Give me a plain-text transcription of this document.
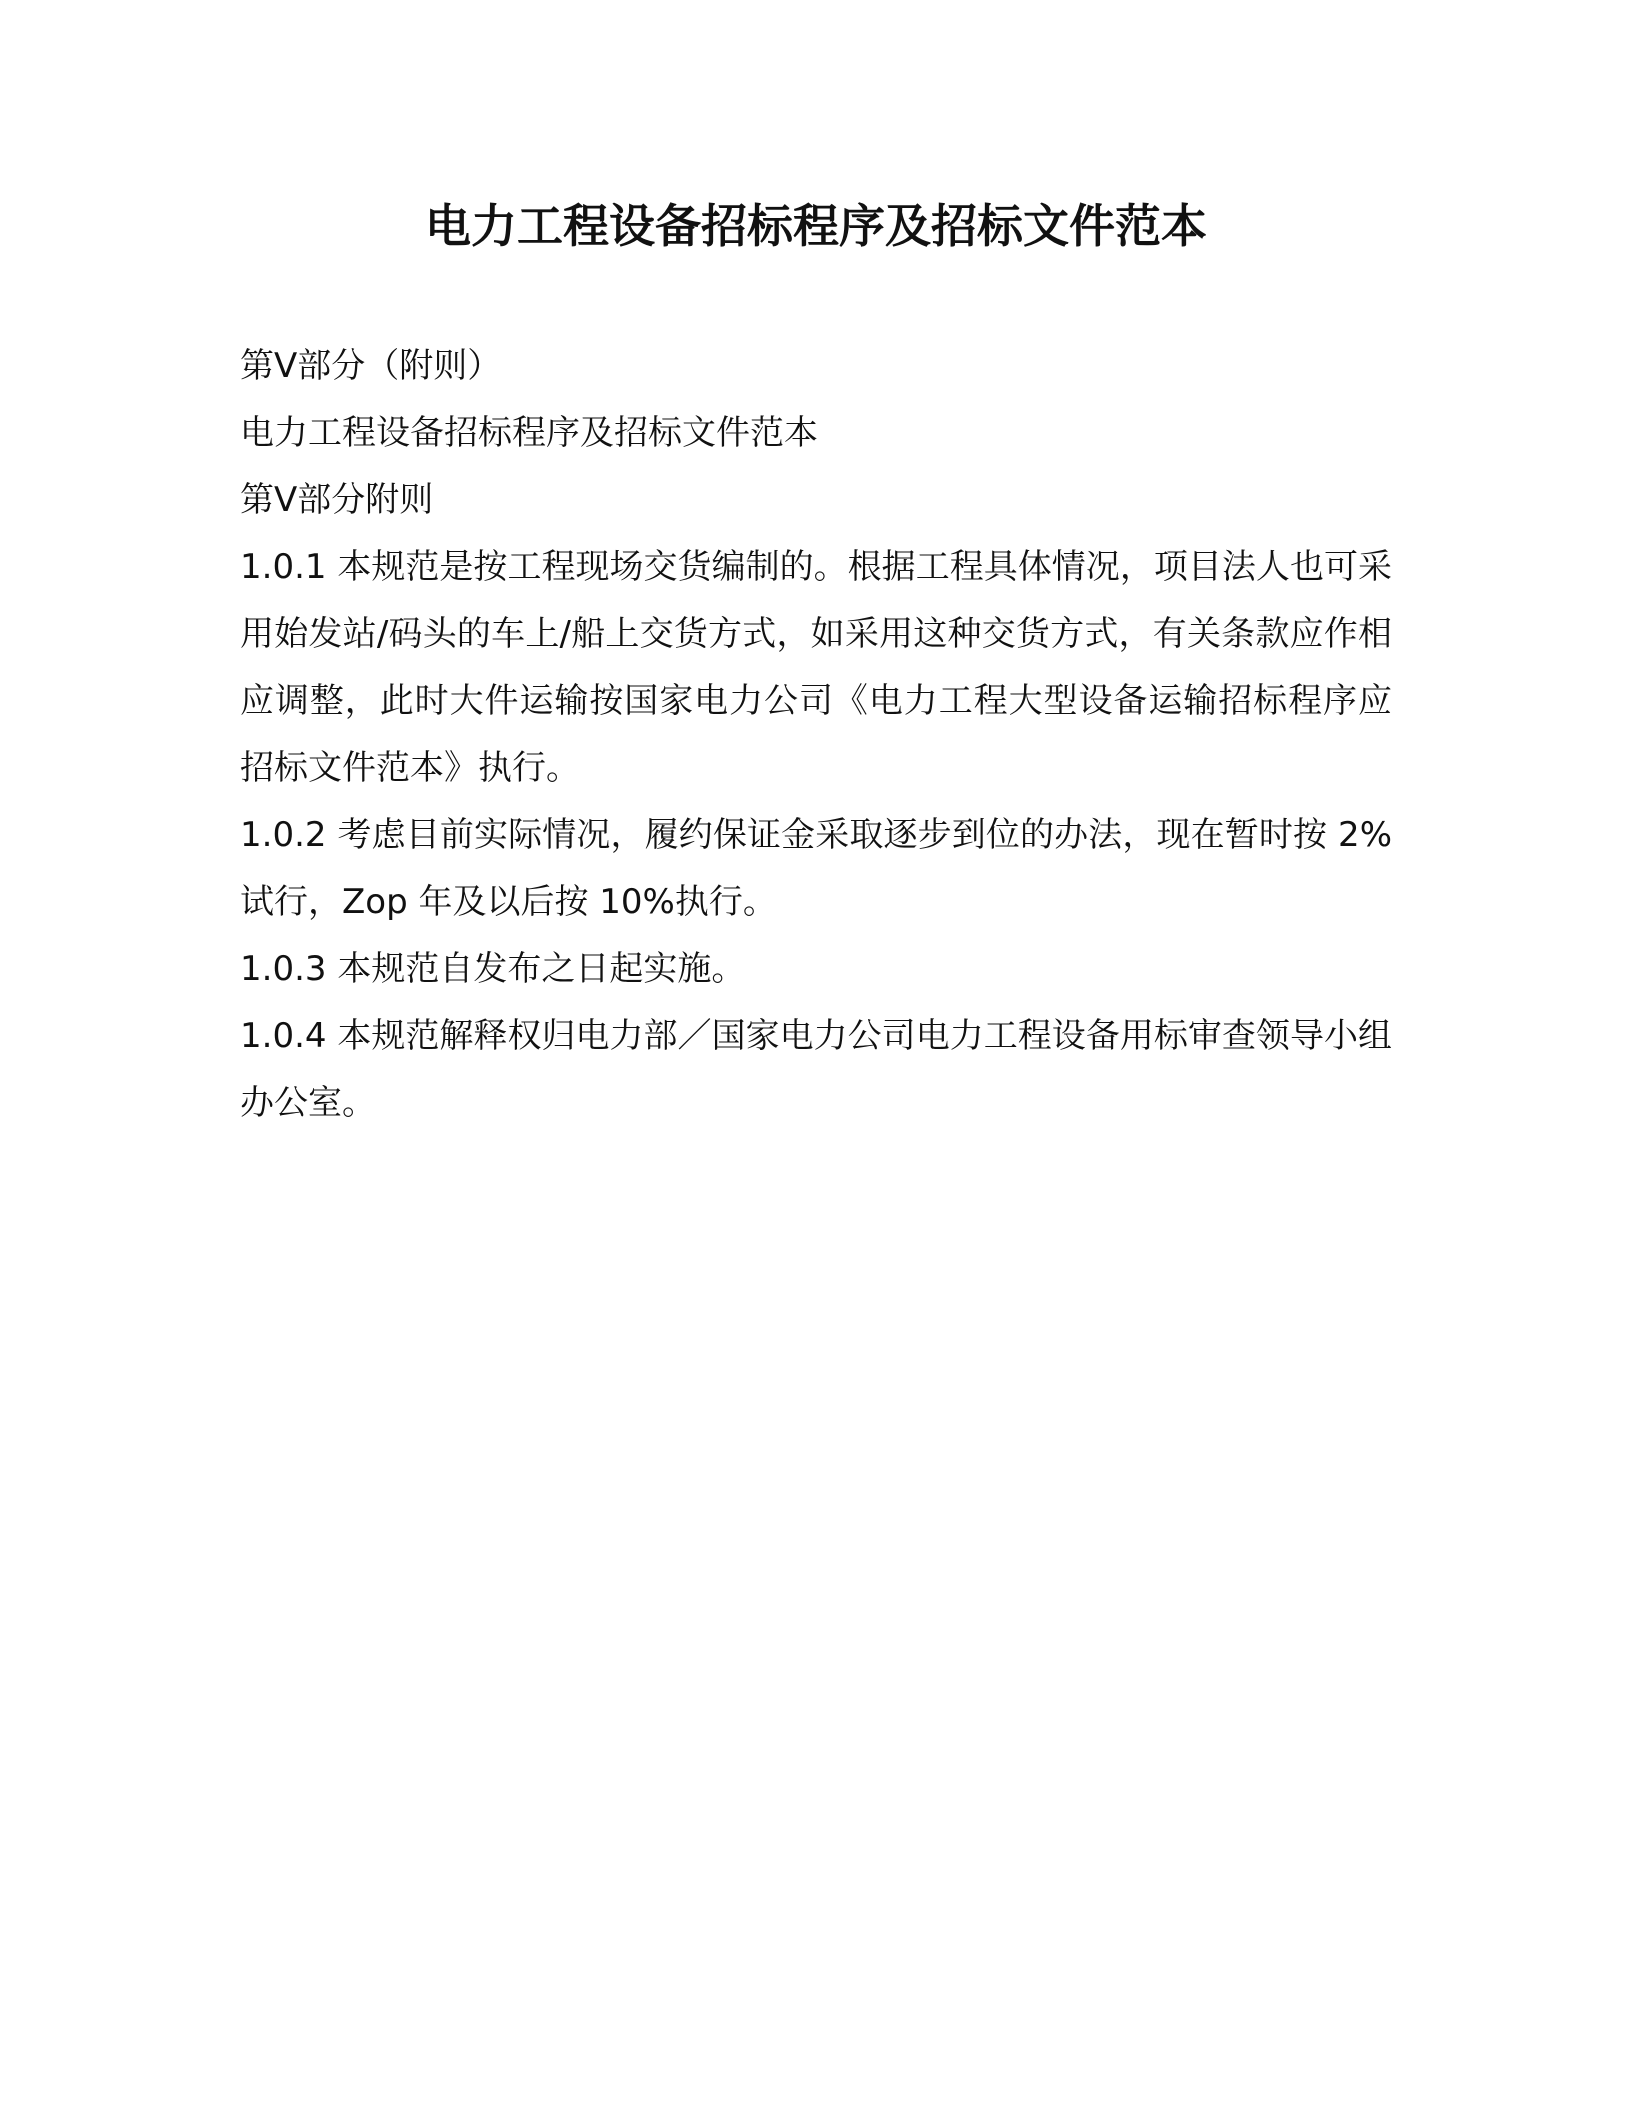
电力工程设备招标程序及招标文件范本

第Ⅴ部分（附则）

电力工程设备招标程序及招标文件范本

第Ⅴ部分附则

1.0.1 本规范是按工程现场交货编制的。根据工程具体情况，项目法人也可采用始发站/码头的车上/船上交货方式，如采用这种交货方式，有关条款应作相应调整，此时大件运输按国家电力公司《电力工程大型设备运输招标程序应招标文件范本》执行。

1.0.2 考虑目前实际情况，履约保证金采取逐步到位的办法，现在暂时按 2%试行，Zop 年及以后按 10%执行。

1.0.3 本规范自发布之日起实施。

1.0.4 本规范解释权归电力部／国家电力公司电力工程设备用标审查领导小组办公室。
